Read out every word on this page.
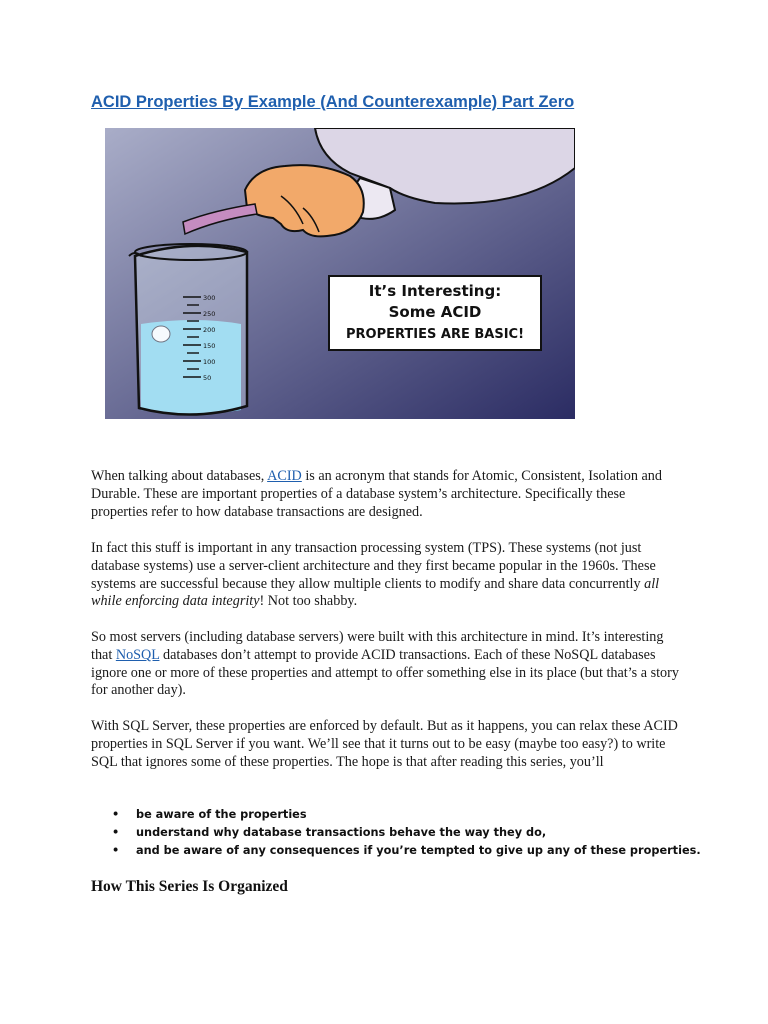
ACID Properties By Example (And Counterexample) Part Zero
300
250
200
150
100
50
It’s Interesting:
Some ACID
PROPERTIES ARE BASIC!

When talking about databases, ACID is an acronym that stands for Atomic, Consistent, Isolation and Durable. These are important properties of a database system’s architecture. Specifically these properties refer to how database transactions are designed.

In fact this stuff is important in any transaction processing system (TPS). These systems (not just database systems) use a server-client architecture and they first became popular in the 1960s. These systems are successful because they allow multiple clients to modify and share data concurrently all while enforcing data integrity! Not too shabby.

So most servers (including database servers) were built with this architecture in mind. It’s interesting that NoSQL databases don’t attempt to provide ACID transactions. Each of these NoSQL databases ignore one or more of these properties and attempt to offer something else in its place (but that’s a story for another day).

With SQL Server, these properties are enforced by default. But as it happens, you can relax these ACID properties in SQL Server if you want. We’ll see that it turns out to be easy (maybe too easy?) to write SQL that ignores some of these properties. The hope is that after reading this series, you’ll

• be aware of the properties
• understand why database transactions behave the way they do,
• and be aware of any consequences if you’re tempted to give up any of these properties.
How This Series Is Organized
